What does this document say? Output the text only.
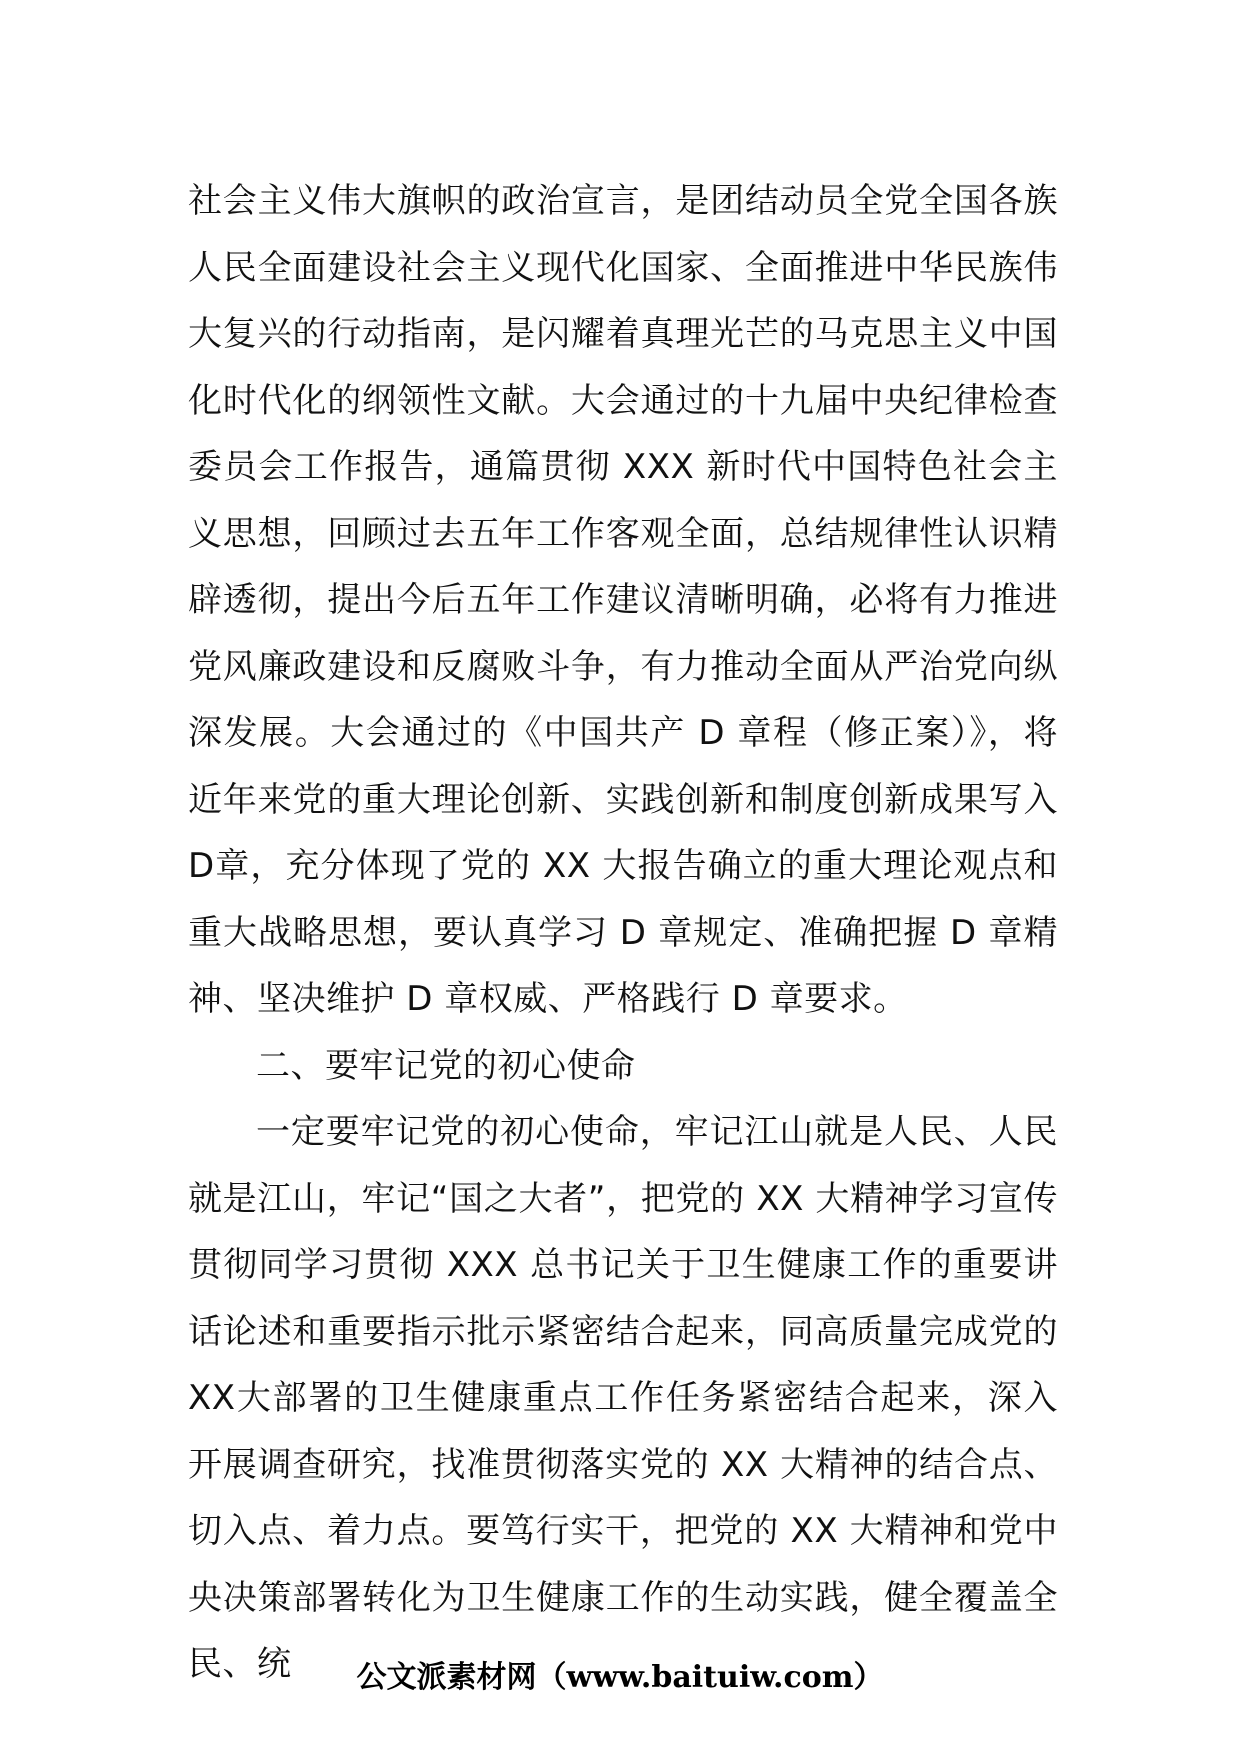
社会主义伟大旗帜的政治宣言，是团结动员全党全国各族人民全面建设社会主义现代化国家、全面推进中华民族伟大复兴的行动指南，是闪耀着真理光芒的马克思主义中国化时代化的纲领性文献。大会通过的十九届中央纪律检查委员会工作报告，通篇贯彻 XXX 新时代中国特色社会主义思想，回顾过去五年工作客观全面，总结规律性认识精辟透彻，提出今后五年工作建议清晰明确，必将有力推进党风廉政建设和反腐败斗争，有力推动全面从严治党向纵深发展。大会通过的《中国共产 D 章程（修正案）》，将近年来党的重大理论创新、实践创新和制度创新成果写入 D章，充分体现了党的 XX 大报告确立的重大理论观点和重大战略思想，要认真学习 D 章规定、准确把握 D 章精神、坚决维护 D 章权威、严格践行 D 章要求。

二、要牢记党的初心使命

一定要牢记党的初心使命，牢记江山就是人民、人民就是江山，牢记“国之大者”，把党的 XX 大精神学习宣传贯彻同学习贯彻 XXX 总书记关于卫生健康工作的重要讲话论述和重要指示批示紧密结合起来，同高质量完成党的 XX大部署的卫生健康重点工作任务紧密结合起来，深入开展调查研究，找准贯彻落实党的 XX 大精神的结合点、切入点、着力点。要笃行实干，把党的 XX 大精神和党中央决策部署转化为卫生健康工作的生动实践，健全覆盖全民、统	公文派素材网（www.baituiw.com）
